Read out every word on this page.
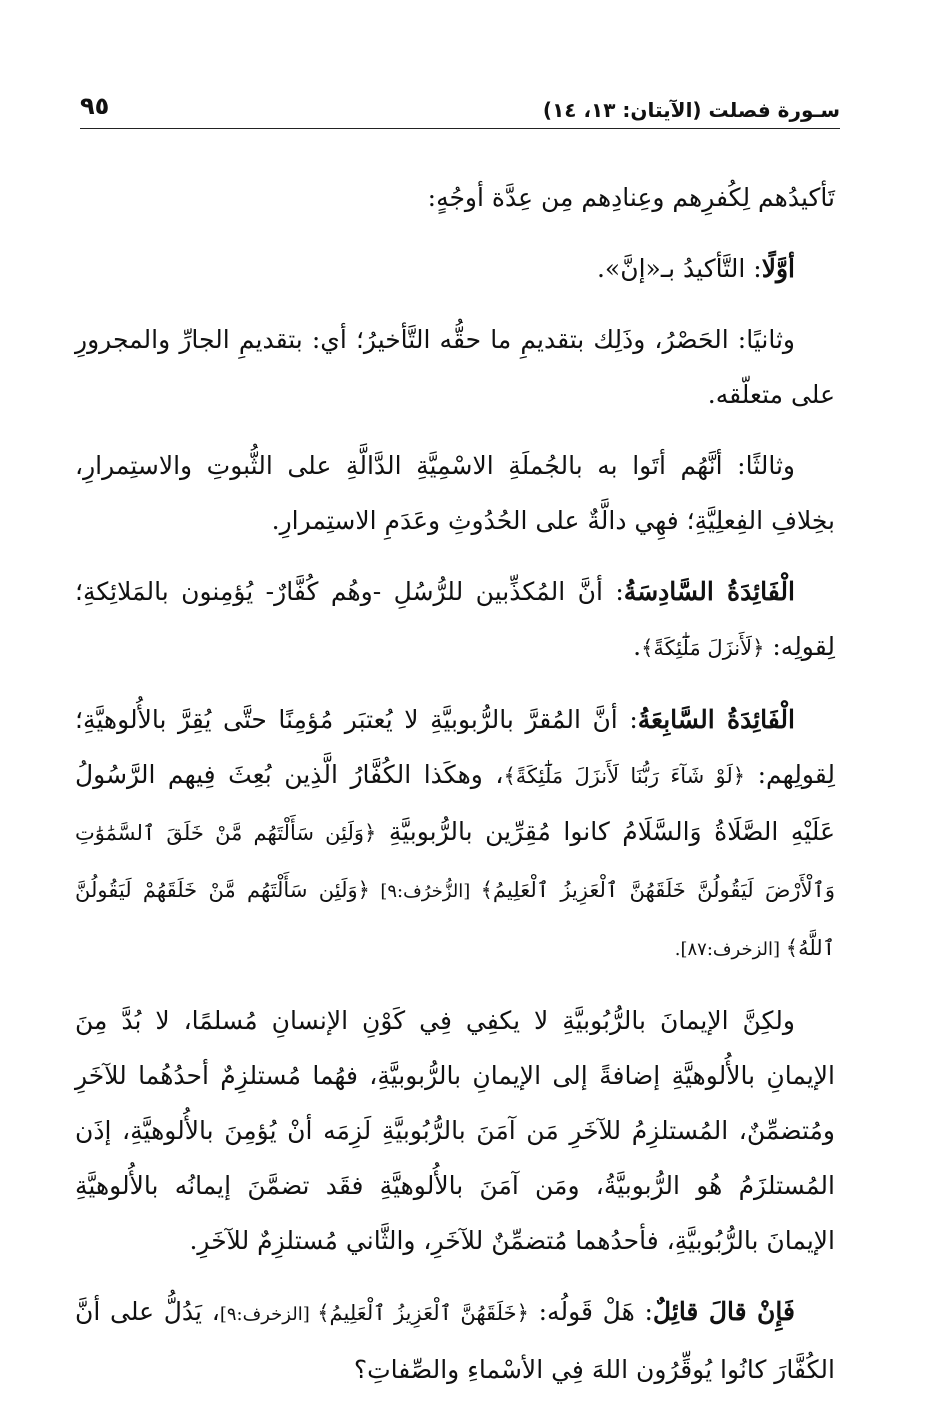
سـورة فصلت (الآيتان: ١٣، ١٤)
٩٥

تَأكيدُهم لِكُفرِهم وعِنادِهم مِن عِدَّة أوجُهٍ:

أوَّلًا: التَّأكيدُ بـ«إنَّ».

وثانيًا: الحَصْرُ، وذَلِك بتقديمِ ما حقُّه التَّأخيرُ؛ أي: بتقديمِ الجارِّ والمجرورِ على متعلّقه.

وثالثًا: أنَّهُم أتَوا به بالجُملَةِ الاسْمِيَّةِ الدَّالَّةِ على الثُّبوتِ والاستِمرارِ، بخِلافِ الفِعلِيَّةِ؛ فهِي دالَّةٌ على الحُدُوثِ وعَدَمِ الاستِمرارِ.

الْفَائِدَةُ السَّادِسَةُ: أنَّ المُكذِّبين للرُّسُلِ -وهُم كُفَّارٌ- يُؤمِنون بالمَلائِكةِ؛ لِقولِه: ﴿لَأَنزَلَ مَلَٰٓئِكَةً﴾.

الْفَائِدَةُ السَّابِعَةُ: أنَّ المُقرَّ بالرُّبوبيَّةِ لا يُعتبَر مُؤمِنًا حتَّى يُقِرَّ بالأُلوهيَّةِ؛ لِقولِهم: ﴿لَوْ شَآءَ رَبُّنَا لَأَنزَلَ مَلَٰٓئِكَةً﴾، وهكَذا الكُفَّارُ الَّذِين بُعِثَ فِيهم الرَّسُولُ عَلَيْهِ الصَّلَاةُ وَالسَّلَامُ كانوا مُقِرِّين بالرُّبوبيَّةِ ﴿وَلَئِن سَأَلْتَهُم مَّنْ خَلَقَ ٱلسَّمَٰوَٰتِ وَٱلْأَرْضَ لَيَقُولُنَّ خَلَقَهُنَّ ٱلْعَزِيزُ ٱلْعَلِيمُ﴾ [الزُّخرُف:٩] ﴿وَلَئِن سَأَلْتَهُم مَّنْ خَلَقَهُمْ لَيَقُولُنَّ ٱللَّهُ﴾ [الزخرف:٨٧].

ولكِنَّ الإيمانَ بالرُّبُوبيَّةِ لا يكفِي فِي كَوْنِ الإنسانِ مُسلمًا، لا بُدَّ مِنَ الإيمانِ بالأُلوهيَّةِ إضافةً إلى الإيمانِ بالرُّبوبيَّةِ، فهُما مُستلزِمٌ أحدُهُما للآخَرِ ومُتضمِّنٌ، المُستلزِمُ للآخَرِ مَن آمَنَ بالرُّبُوبيَّةِ لَزِمَه أنْ يُؤمِنَ بالأُلوهيَّةِ، إذَن المُستلزَمُ هُو الرُّبوبيَّةُ، ومَن آمَنَ بالأُلوهيَّةِ فقَد تضمَّنَ إيمانُه بالأُلوهيَّةِ الإيمانَ بالرُّبُوبيَّةِ، فأحدُهما مُتضمِّنٌ للآخَرِ، والثَّاني مُستلزِمٌ للآخَرِ.

فَإِنْ قالَ قائِلٌ: هَلْ قَولُه: ﴿خَلَقَهُنَّ ٱلْعَزِيزُ ٱلْعَلِيمُ﴾ [الزخرف:٩]، يَدُلُّ على أنَّ الكُفَّارَ كانُوا يُوقِّرُون اللهَ فِي الأسْماءِ والصِّفاتِ؟
